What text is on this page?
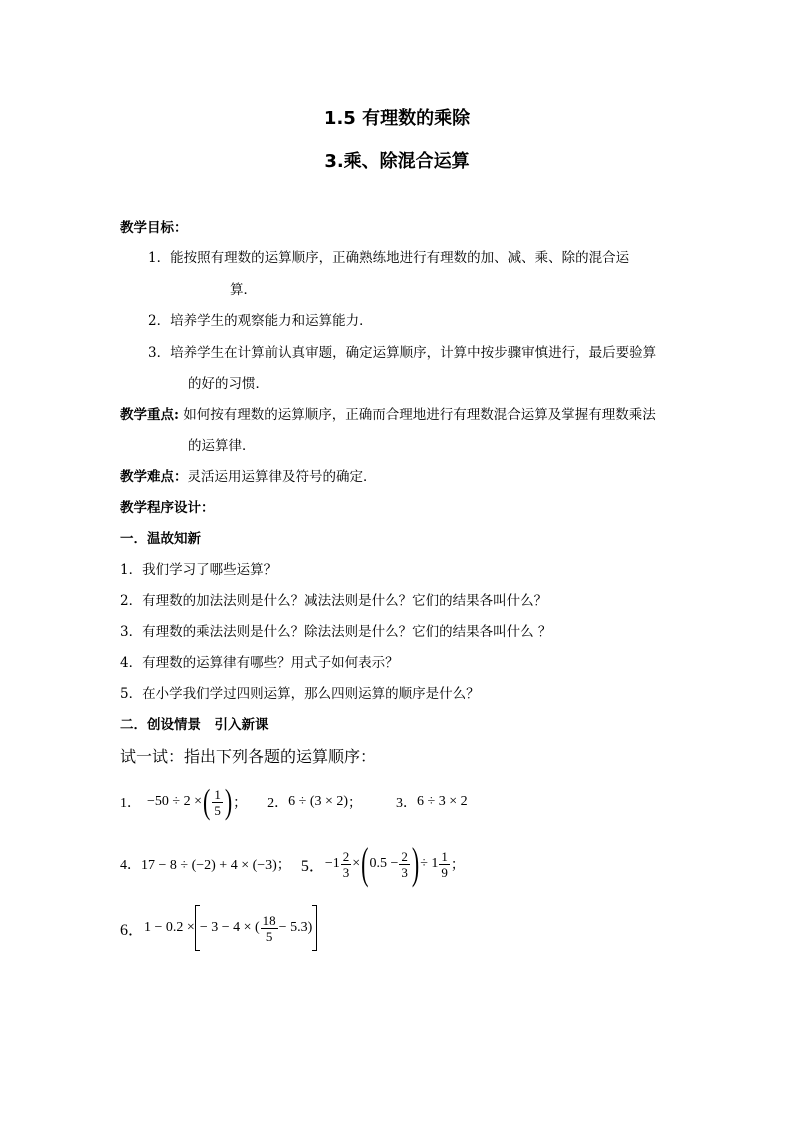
1.5 有理数的乘除
3.乘、除混合运算
教学目标：
1．能按照有理数的运算顺序，正确熟练地进行有理数的加、减、乘、除的混合运
算．
2．培养学生的观察能力和运算能力．
3．培养学生在计算前认真审题，确定运算顺序，计算中按步骤审慎进行，最后要验算
的好的习惯．
教学重点: 如何按有理数的运算顺序，正确而合理地进行有理数混合运算及掌握有理数乘法
的运算律．
教学难点：灵活运用运算律及符号的确定．
教学程序设计：
一．温故知新
1．我们学习了哪些运算？
2．有理数的加法法则是什么？减法法则是什么？它们的结果各叫什么？
3．有理数的乘法法则是什么？除法法则是什么？它们的结果各叫什么 ？
4．有理数的运算律有哪些？用式子如何表示？
5．在小学我们学过四则运算，那么四则运算的顺序是什么？
二．创设情景　引入新课
试一试：指出下列各题的运算顺序：
1． −50 ÷ 2 × ( $\frac{1}{5}$ ) ； 2． 6 ÷ (3 × 2) ； 3． 6 ÷ 3 × 2
4． 17 − 8 ÷ (−2) + 4 × (−3)； 5． $-1 \frac{2}{3}$ × ( $0.5 - \frac{2}{3}$ ) ÷ $1 \frac{1}{9}$ ；
6． 1 − 0.2 × − 3 − 4 × ( $\frac{18}{5} - 5.3$)
